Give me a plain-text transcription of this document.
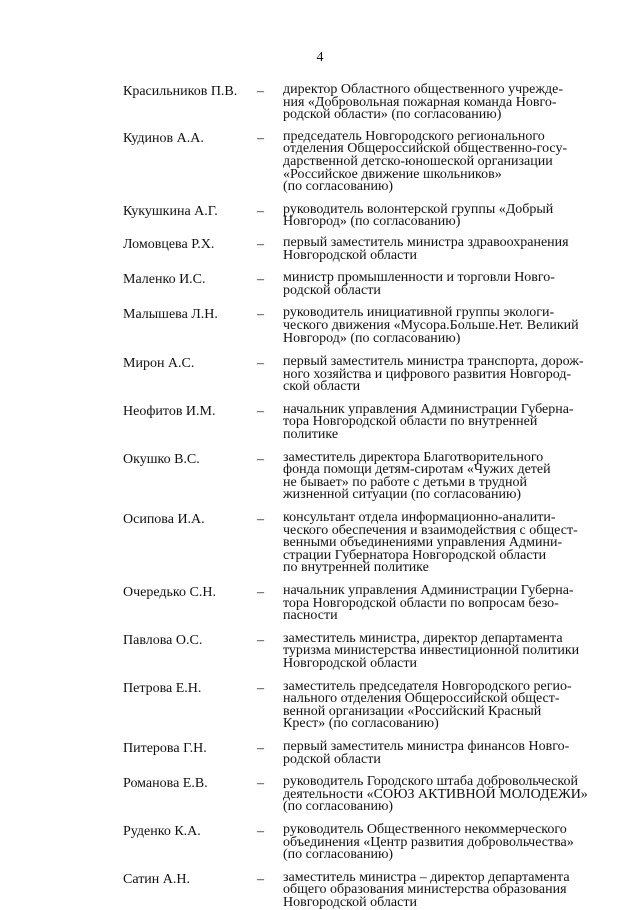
4
Красильников П.В.	–	директор Областного общественного учрежде-
ния «Добровольная пожарная команда Новго-
родской области» (по согласованию)
Кудинов А.А.	–	председатель Новгородского регионального
отделения Общероссийской общественно-госу-
дарственной детско-юношеской организации
«Российское движение школьников»
(по согласованию)
Кукушкина А.Г.	–	руководитель волонтерской группы «Добрый
Новгород» (по согласованию)
Ломовцева Р.Х.	–	первый заместитель министра здравоохранения
Новгородской области
Маленко И.С.	–	министр промышленности и торговли Новго-
родской области
Малышева Л.Н.	–	руководитель инициативной группы экологи-
ческого движения «Мусора.Больше.Нет. Великий
Новгород» (по согласованию)
Мирон А.С.	–	первый заместитель министра транспорта, дорож-
ного хозяйства и цифрового развития Новгород-
ской области
Неофитов И.М.	–	начальник управления Администрации Губерна-
тора Новгородской области по внутренней
политике
Окушко В.С.	–	заместитель директора Благотворительного
фонда помощи детям-сиротам «Чужих детей
не бывает» по работе с детьми в трудной
жизненной ситуации (по согласованию)
Осипова И.А.	–	консультант отдела информационно-аналити-
ческого обеспечения и взаимодействия с общест-
венными объединениями управления Админи-
страции Губернатора Новгородской области
по внутренней политике
Очередько С.Н.	–	начальник управления Администрации Губерна-
тора Новгородской области по вопросам безо-
пасности
Павлова О.С.	–	заместитель министра, директор департамента
туризма министерства инвестиционной политики
Новгородской области
Петрова Е.Н.	–	заместитель председателя Новгородского регио-
нального отделения Общероссийской общест-
венной организации «Российский Красный
Крест» (по согласованию)
Питерова Г.Н.	–	первый заместитель министра финансов Новго-
родской области
Романова Е.В.	–	руководитель Городского штаба добровольческой
деятельности «СОЮЗ АКТИВНОЙ МОЛОДЕЖИ»
(по согласованию)
Руденко К.А.	–	руководитель Общественного некоммерческого
объединения «Центр развития добровольчества»
(по согласованию)
Сатин А.Н.	–	заместитель министра – директор департамента
общего образования министерства образования
Новгородской области
